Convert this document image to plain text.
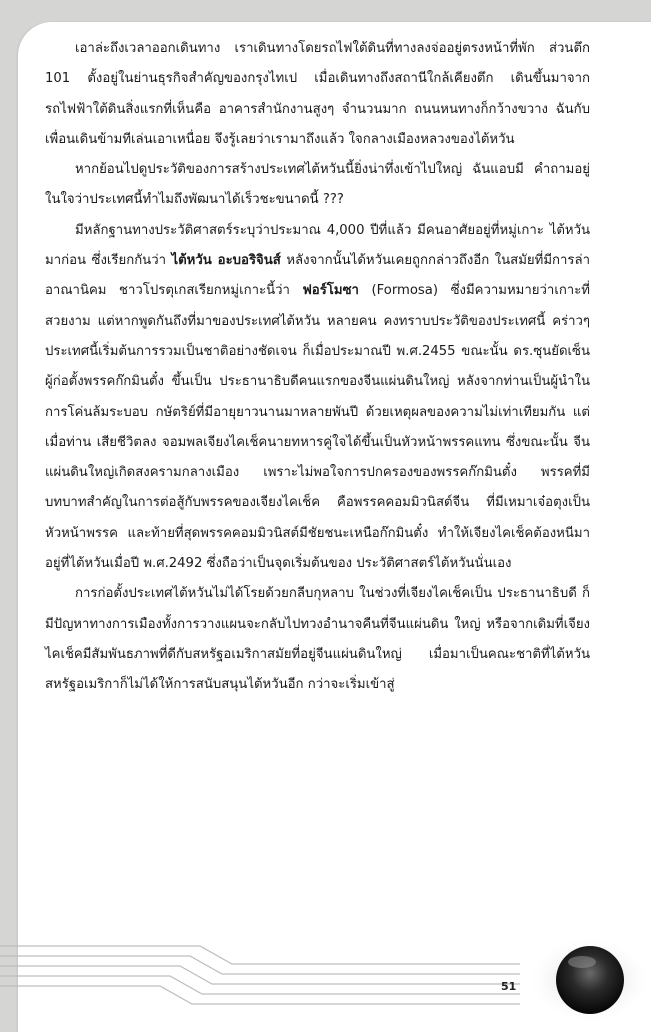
เอาล่ะถึงเวลาออกเดินทาง เราเดินทางโดยรถไฟใต้ดินที่ทางลงจ่ออยู่ตรงหน้าที่พัก ส่วนตึก 101 ตั้งอยู่ในย่านธุรกิจสำคัญของกรุงไทเป เมื่อเดินทางถึงสถานีใกล้เคียงตึก เดินขึ้นมาจากรถไฟฟ้าใต้ดินสิ่งแรกที่เห็นคือ อาคารสำนักงานสูงๆ จำนวนมาก ถนนหนทางก็กว้างขวาง ฉันกับเพื่อนเดินข้ามทีเล่นเอาเหนื่อย จึงรู้เลยว่าเรามาถึงแล้ว ใจกลางเมืองหลวงของไต้หวัน

หากย้อนไปดูประวัติของการสร้างประเทศไต้หวันนี้ยิ่งน่าทึ่งเข้าไปใหญ่ ฉันแอบมี คำถามอยู่ในใจว่าประเทศนี้ทำไมถึงพัฒนาได้เร็วชะขนาดนี้ ???

มีหลักฐานทางประวัติศาสตร์ระบุว่าประมาณ 4,000 ปีที่แล้ว มีคนอาศัยอยู่ที่หมู่เกาะ ไต้หวันมาก่อน ซึ่งเรียกกันว่า ไต้หวัน อะบอริจินส์ หลังจากนั้นได้หวันเคยถูกกล่าวถึงอีก ในสมัยที่มีการล่าอาณานิคม ชาวโปรตุเกสเรียกหมู่เกาะนี้ว่า ฟอร์โมซา (Formosa) ซึ่งมีความหมายว่าเกาะที่สวยงาม แต่หากพูดกันถึงที่มาของประเทศไต้หวัน หลายคน คงทราบประวัติของประเทศนี้ คร่าวๆ ประเทศนี้เริ่มต้นการรวมเป็นชาติอย่างชัดเจน ก็เมื่อประมาณปี พ.ศ.2455 ขณะนั้น ดร.ซุนยัดเซ็น ผู้ก่อตั้งพรรคก๊กมินตั๋ง ขึ้นเป็น ประธานาธิบดีคนแรกของจีนแผ่นดินใหญ่ หลังจากท่านเป็นผู้นำในการโค่นล้มระบอบ กษัตริย์ที่มีอายุยาวนานมาหลายพันปี ด้วยเหตุผลของความไม่เท่าเทียมกัน แต่เมื่อท่าน เสียชีวิตลง จอมพลเจียงไคเช็คนายทหารคู่ใจได้ขึ้นเป็นหัวหน้าพรรคแทน ซึ่งขณะนั้น จีนแผ่นดินใหญ่เกิดสงครามกลางเมือง เพราะไม่พอใจการปกครองของพรรคก๊กมินตั๋ง พรรคที่มีบทบาทสำคัญในการต่อสู้กับพรรคของเจียงไคเช็ค คือพรรคคอมมิวนิสต์จีน ที่มีเหมาเจ๋อตุงเป็นหัวหน้าพรรค และท้ายที่สุดพรรคคอมมิวนิสต์มีชัยชนะเหนือก๊กมินตั๋ง ทำให้เจียงไคเช็คต้องหนีมาอยู่ที่ไต้หวันเมื่อปี พ.ศ.2492 ซึ่งถือว่าเป็นจุดเริ่มต้นของ ประวัติศาสตร์ไต้หวันนั่นเอง

การก่อตั้งประเทศไต้หวันไม่ได้โรยด้วยกลีบกุหลาบ ในช่วงที่เจียงไคเช็คเป็น ประธานาธิบดี ก็มีปัญหาทางการเมืองทั้งการวางแผนจะกลับไปทวงอำนาจคืนที่จีนแผ่นดิน ใหญ่ หรือจากเดิมที่เจียงไคเช็คมีสัมพันธภาพที่ดีกับสหรัฐอเมริกาสมัยที่อยู่จีนแผ่นดินใหญ่ เมื่อมาเป็นคณะชาติที่ไต้หวัน สหรัฐอเมริกาก็ไม่ได้ให้การสนับสนุนไต้หวันอีก กว่าจะเริ่มเข้าสู่

51
